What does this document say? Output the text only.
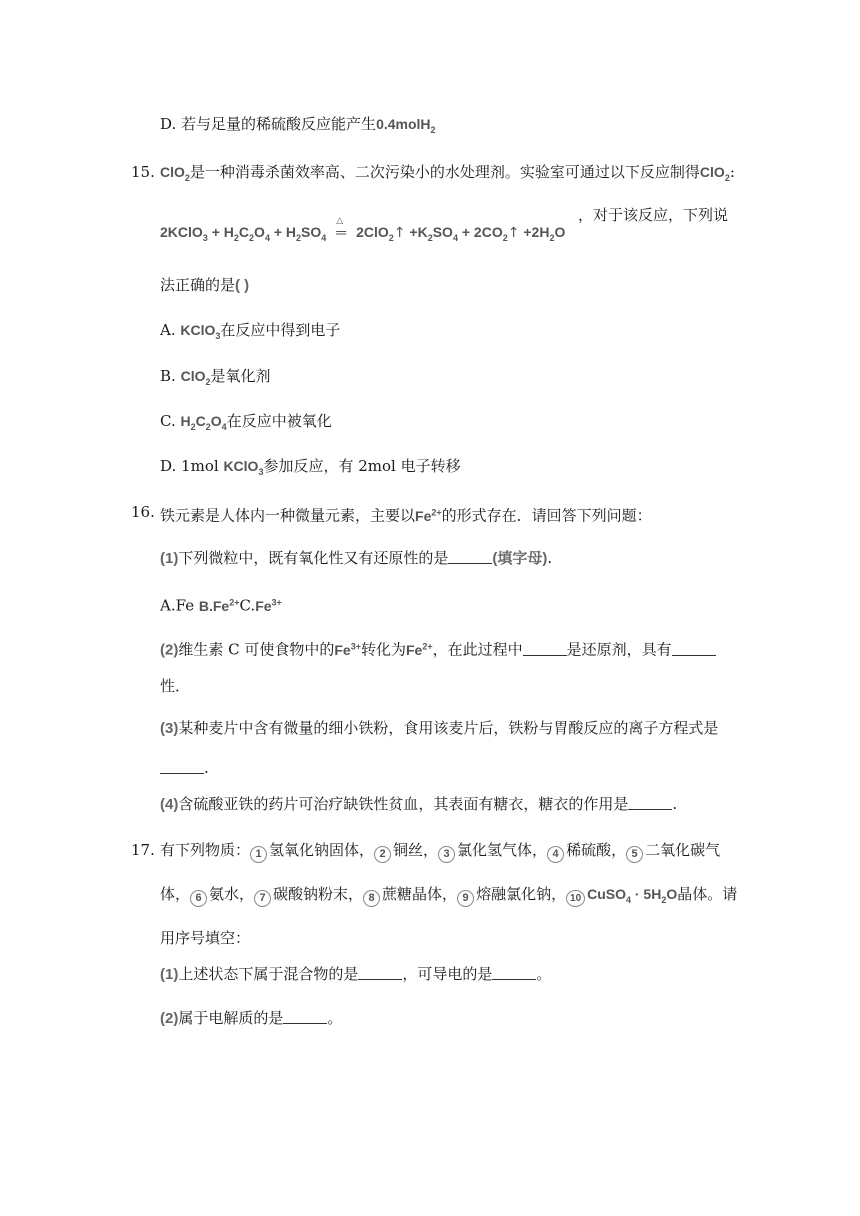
D. 若与足量的稀硫酸反应能产生0.4molH$_2$
15. ClO$_2$是一种消毒杀菌效率高、二次污染小的水处理剂。实验室可通过以下反应制得ClO$_2$:
2KClO$_3$ + $H_2C_2O_4 + H_2SO_4$
△
═ 2ClO$_2$↑ $+K_2SO_4$ + $2CO_2↑ +2H_2O$
，对于该反应，下列说
法正确的是( )
A. KClO$_3$在反应中得到电子
B. ClO$_2$是氧化剂
C. $H_2C_2O_4$在反应中被氧化
D. 1mol KClO$_3$参加反应，有 2mol 电子转移
16. 铁元素是人体内一种微量元素，主要以$Fe^{2+}$的形式存在．请回答下列问题：
(1)下列微粒中，既有氧化性又有还原性的是	(填字母).
A.Fe $B.Fe^{2+}C.Fe^{3+}$
(2)维生素 C 可使食物中的$Fe^{3+}$转化为$Fe^{2+}$，在此过程中	是还原剂，具有
性．
(3)某种麦片中含有微量的细小铁粉，食用该麦片后，铁粉与胃酸反应的离子方程式是
.
(4)含硫酸亚铁的药片可治疗缺铁性贫血，其表面有糖衣，糖衣的作用是	.
17. 有下列物质： 1 氢氧化钠固体， 2 铜丝， 3 氯化氢气体， 4 稀硫酸， 5 二氧化碳气
体， 6 氨水， 7 碳酸钠粉末， 8 蔗糖晶体， 9 熔融氯化钠， 10 CuSO$_4$ · $5H_2O$晶体。请
用序号填空：
(1)上述状态下属于混合物的是	，可导电的是	。
(2)属于电解质的是	。
